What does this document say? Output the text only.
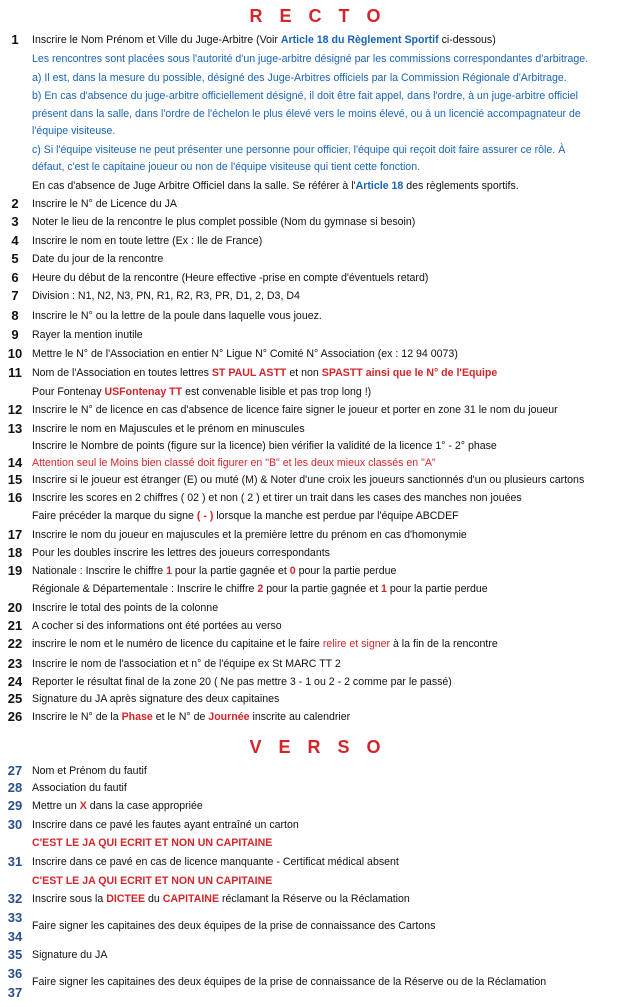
R E C T O
1	Inscrire le Nom Prénom et Ville du Juge-Arbitre (Voir Article 18 du Règlement Sportif ci-dessous)
Les rencontres sont placées sous l'autorité d'un juge-arbitre désigné par les commissions correspondantes d'arbitrage.
a) Il est, dans la mesure du possible, désigné des Juge-Arbitres officiels par la Commission Régionale d'Arbitrage.
b) En cas d'absence du juge-arbitre officiellement désigné, il doit être fait appel, dans l'ordre, à un juge-arbitre officiel
présent dans la salle, dans l'ordre de l'échelon le plus élevé vers le moins élevé, ou à un licencié accompagnateur de
l'équipe visiteuse.
c) Si l'équipe visiteuse ne peut présenter une personne pour officier, l'équipe qui reçoit doit faire assurer ce rôle. À
défaut, c'est le capitaine joueur ou non de l'équipe visiteuse qui tient cette fonction.
En cas d'absence de Juge Arbitre Officiel dans la salle. Se référer à l'Article 18 des règlements sportifs.
2	Inscrire le N° de Licence du JA
3	Noter le lieu de la rencontre le plus complet possible (Nom du gymnase si besoin)
4	Inscrire le nom en toute lettre (Ex : Ile de France)
5	Date du jour de la rencontre
6	Heure du début de la rencontre (Heure effective -prise en compte d'éventuels retard)
7	Division : N1, N2, N3, PN, R1, R2, R3, PR, D1, 2, D3, D4
8	Inscrire le N° ou la lettre de la poule dans laquelle vous jouez.
9	Rayer la mention inutile
10 Mettre le N° de l'Association en entier N° Ligue N° Comité N° Association (ex : 12 94 0073)
11 Nom de l'Association en toutes lettres ST PAUL ASTT et non SPASTT ainsi que le N° de l'Equipe
Pour Fontenay USFontenay TT est convenable lisible et pas trop long !)
12 Inscrire le N° de licence en cas d'absence de licence faire signer le joueur et porter en zone 31 le nom du joueur
13 Inscrire le nom en Majuscules et le prénom en minuscules
Inscrire le Nombre de points (figure sur la licence) bien vérifier la validité de la licence 1° - 2° phase
14 Attention seul le Moins bien classé doit figurer en "B" et les deux mieux classés en "A"
15 Inscrire si le joueur est étranger (E) ou muté (M) & Noter d'une croix les joueurs sanctionnés d'un ou plusieurs cartons
16 Inscrire les scores en 2 chiffres ( 02 ) et non ( 2 ) et tirer un trait dans les cases des manches non jouées
Faire précéder la marque du signe ( - ) lorsque la manche est perdue par l'équipe ABCDEF
17 Inscrire le nom du joueur en majuscules et la première lettre du prénom en cas d'homonymie
18 Pour les doubles inscrire les lettres des joueurs correspondants
19 Nationale : Inscrire le chiffre 1 pour la partie gagnée et 0 pour la partie perdue
Régionale & Départementale : Inscrire le chiffre 2 pour la partie gagnée et 1 pour la partie perdue
20 Inscrire le total des points de la colonne
21 A cocher si des informations ont été portées au verso
22 inscrire le nom et le numéro de licence du capitaine et le faire relire et signer à la fin de la rencontre
23 Inscrire le nom de l'association et n° de l'équipe ex St MARC TT 2
24 Reporter le résultat final de la zone 20 ( Ne pas mettre 3 - 1 ou 2 - 2 comme par le passé)
25 Signature du JA après signature des deux capitaines
26 Inscrire le N° de la Phase et le N° de Journée inscrite au calendrier
V E R S O
27 Nom et Prénom du fautif
28 Association du fautif
29 Mettre un X dans la case appropriée
30 Inscrire dans ce pavé les fautes ayant entraîné un carton
C'EST LE JA QUI ECRIT ET NON UN CAPITAINE
31 Inscrire dans ce pavé en cas de licence manquante - Certificat médical absent
C'EST LE JA QUI ECRIT ET NON UN CAPITAINE
32 Inscrire sous la DICTEE du CAPITAINE réclamant la Réserve ou la Réclamation
33
Faire signer les capitaines des deux équipes de la prise de connaissance des Cartons
34
35 Signature du JA
36
Faire signer les capitaines des deux équipes de la prise de connaissance de la Réserve ou de la Réclamation
37
